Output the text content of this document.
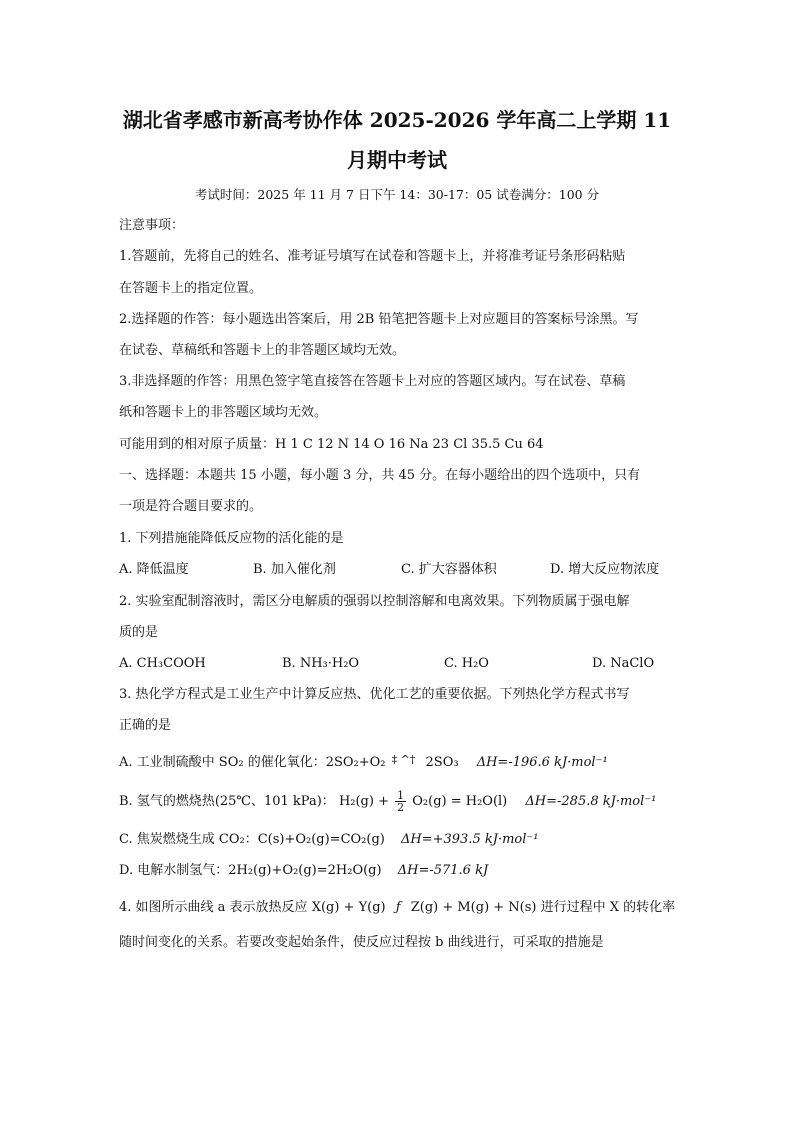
湖北省孝感市新高考协作体 2025-2026 学年高二上学期 11
月期中考试
考试时间：2025 年 11 月 7 日下午 14：30-17：05 试卷满分：100 分
注意事项：
1.答题前，先将自己的姓名、准考证号填写在试卷和答题卡上，并将准考证号条形码粘贴
在答题卡上的指定位置。
2.选择题的作答：每小题选出答案后，用 2B 铅笔把答题卡上对应题目的答案标号涂黑。写
在试卷、草稿纸和答题卡上的非答题区域均无效。
3.非选择题的作答：用黑色签字笔直接答在答题卡上对应的答题区域内。写在试卷、草稿
纸和答题卡上的非答题区域均无效。
可能用到的相对原子质量：H 1 C 12 N 14 O 16 Na 23 Cl 35.5 Cu 64
一、选择题：本题共 15 小题，每小题 3 分，共 45 分。在每小题给出的四个选项中，只有
一项是符合题目要求的。
1. 下列措施能降低反应物的活化能的是
A. 降低温度	B. 加入催化剂	C. 扩大容器体积	D. 增大反应物浓度
2. 实验室配制溶液时，需区分电解质的强弱以控制溶解和电离效果。下列物质属于强电解
质的是
A. CH₃COOH	B. NH₃·H₂O	C. H₂O	D. NaClO
3. 热化学方程式是工业生产中计算反应热、优化工艺的重要依据。下列热化学方程式书写
正确的是
A. 工业制硫酸中 SO₂ 的催化氧化：2SO₂+O₂ ‡ ^† 2SO₃ ΔH=-196.6 kJ·mol⁻¹
B. 氢气的燃烧热(25℃、101 kPa)： $H_2(g) + \frac{1}{2} O_2(g) = H_2O(l)$ ΔH=-285.8 kJ·mol⁻¹
C. 焦炭燃烧生成 CO₂：C(s)+O₂(g)=CO₂(g) ΔH=+393.5 kJ·mol⁻¹
D. 电解水制氢气：2H₂(g)+O₂(g)=2H₂O(g) ΔH=-571.6 kJ
4. 如图所示曲线 a 表示放热反应 X(g) + Y(g) ƒ Z(g) + M(g) + N(s) 进行过程中 X 的转化率
随时间变化的关系。若要改变起始条件，使反应过程按 b 曲线进行，可采取的措施是
